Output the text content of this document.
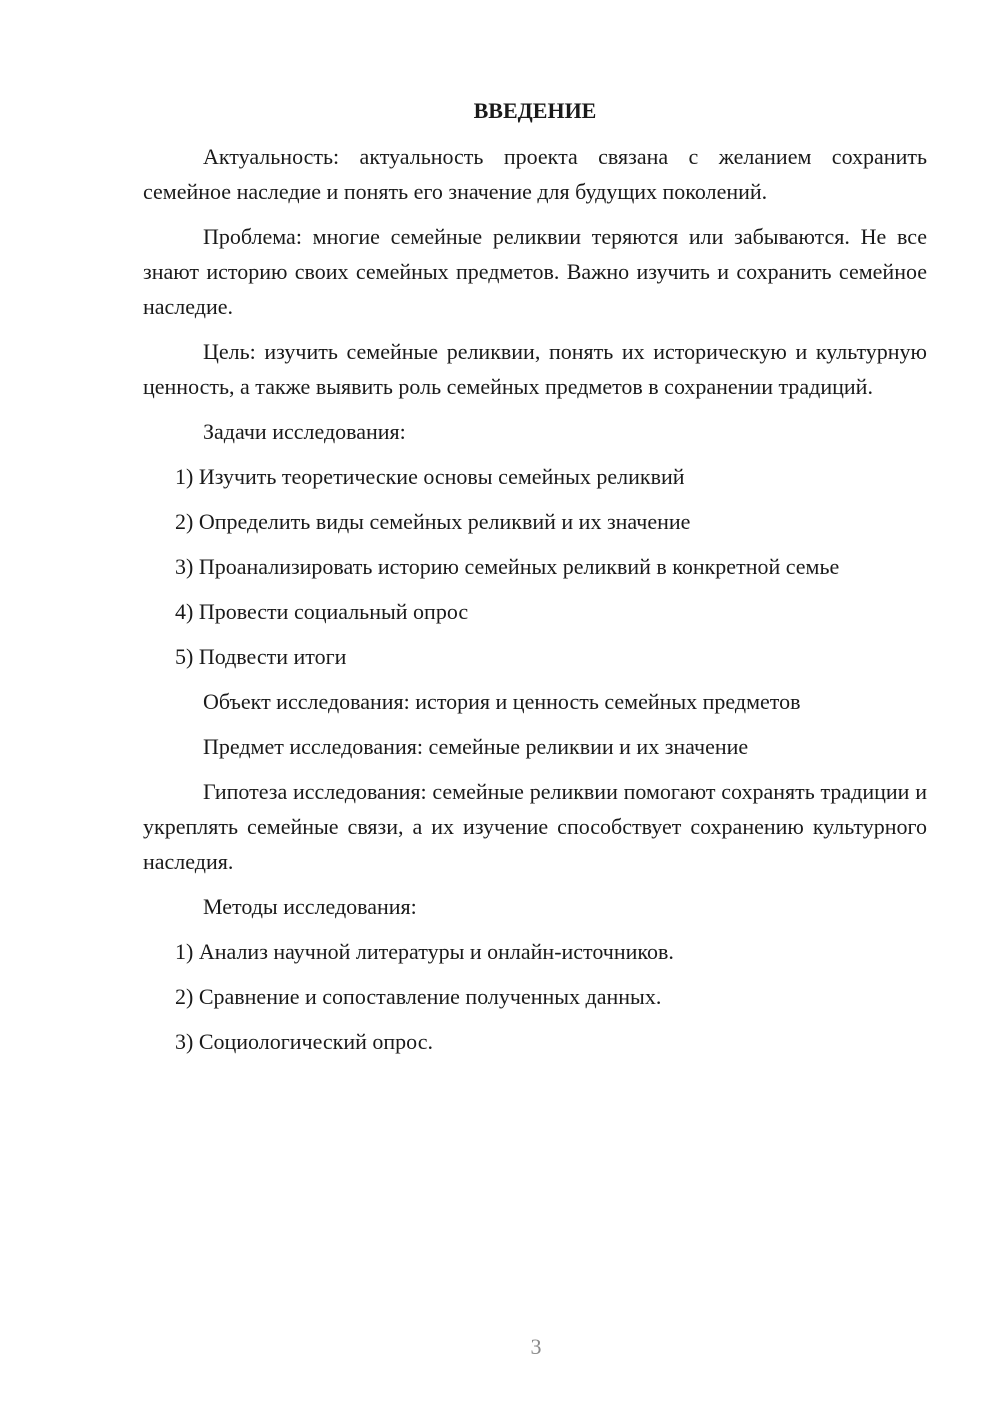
ВВЕДЕНИЕ

Актуальность: актуальность проекта связана с желанием сохранить семейное наследие и понять его значение для будущих поколений.

Проблема: многие семейные реликвии теряются или забываются. Не все знают историю своих семейных предметов. Важно изучить и сохранить семейное наследие.

Цель: изучить семейные реликвии, понять их историческую и культурную ценность, а также выявить роль семейных предметов в сохранении традиций.

Задачи исследования:

1) Изучить теоретические основы семейных реликвий
2) Определить виды семейных реликвий и их значение
3) Проанализировать историю семейных реликвий в конкретной семье
4) Провести социальный опрос
5) Подвести итоги

Объект исследования: история и ценность семейных предметов

Предмет исследования: семейные реликвии и их значение

Гипотеза исследования: семейные реликвии помогают сохранять традиции и укреплять семейные связи, а их изучение способствует сохранению культурного наследия.

Методы исследования:

1) Анализ научной литературы и онлайн-источников.
2) Сравнение и сопоставление полученных данных.
3) Социологический опрос.
3
